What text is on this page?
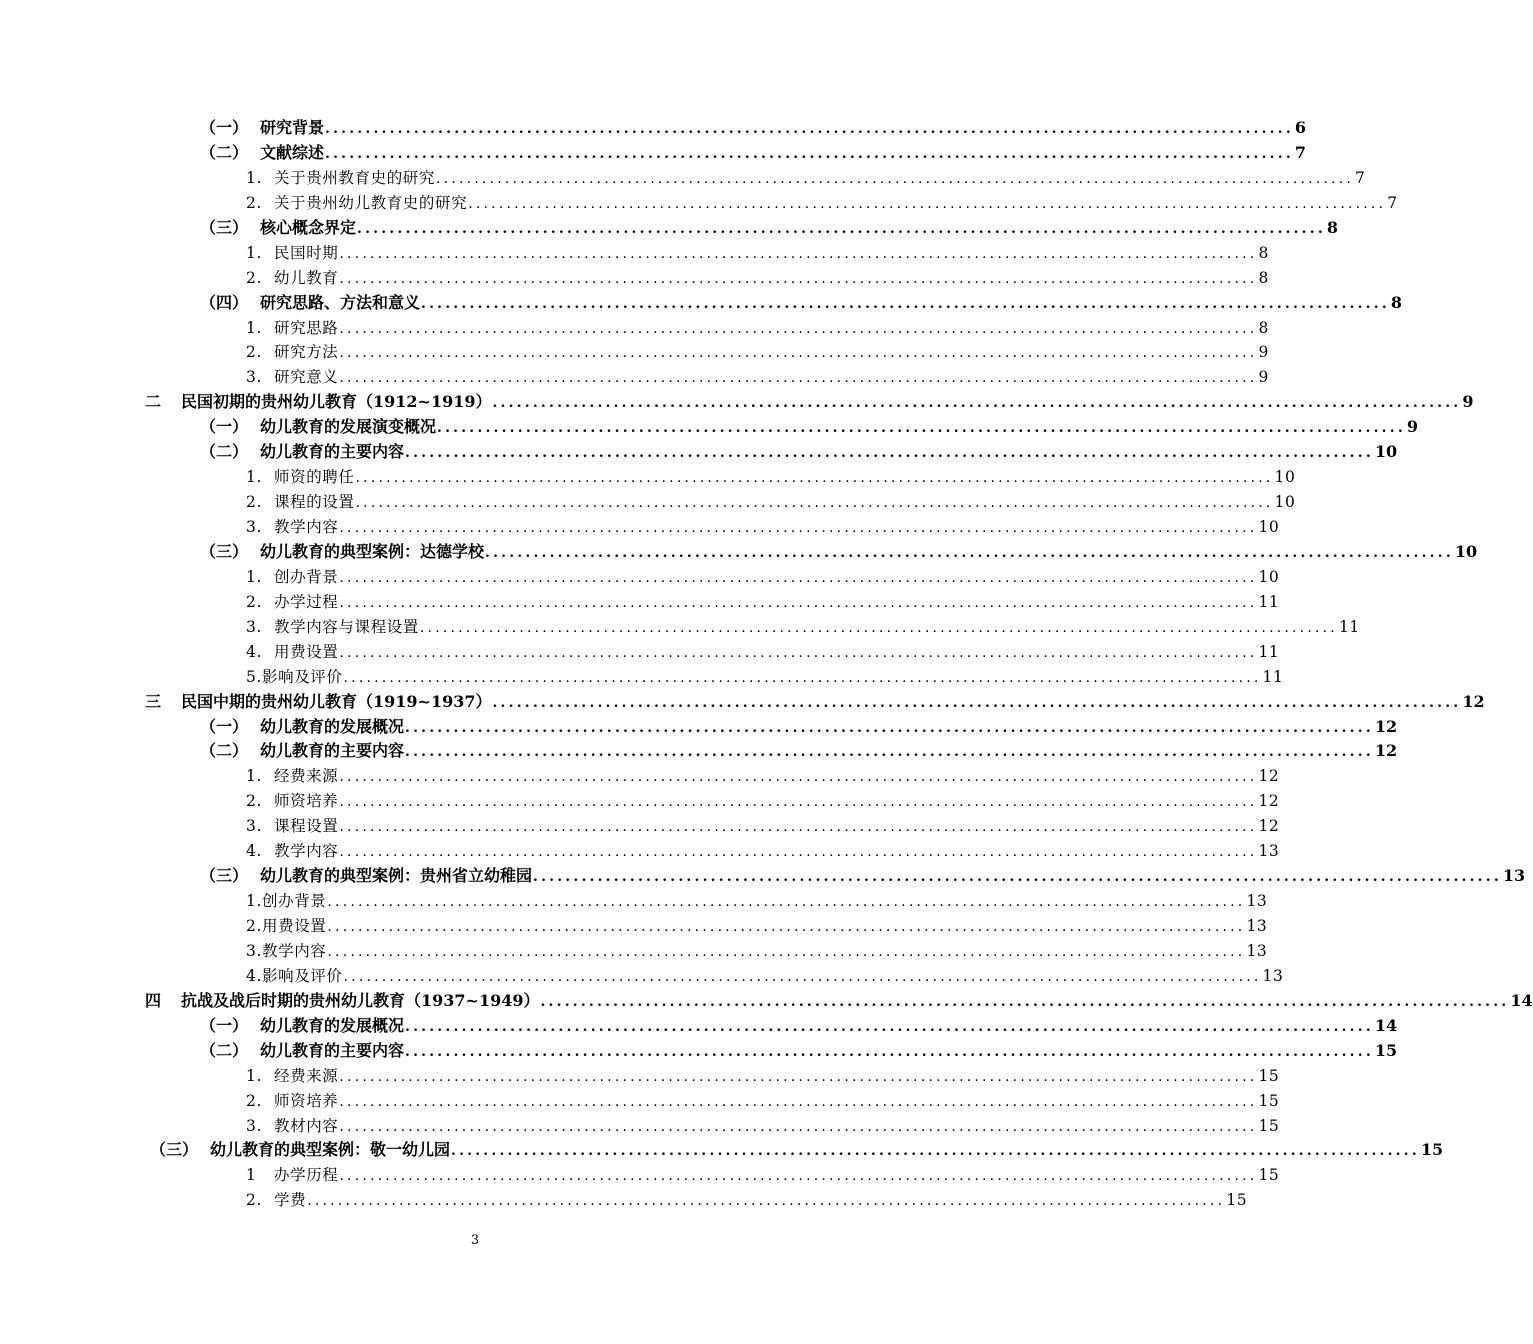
（一） 研究背景 ........................................................................................................................ 6
（二） 文献综述 ........................................................................................................................ 7
1. 关于贵州教育史的研究 ........................................................................................................................ 7
2. 关于贵州幼儿教育史的研究 ........................................................................................................................ 7
（三） 核心概念界定 ........................................................................................................................ 8
1. 民国时期 ........................................................................................................................ 8
2. 幼儿教育 ........................................................................................................................ 8
（四） 研究思路、方法和意义 ........................................................................................................................ 8
1. 研究思路 ........................................................................................................................ 8
2. 研究方法 ........................................................................................................................ 9
3. 研究意义 ........................................................................................................................ 9
二	民国初期的贵州幼儿教育（1912~1919） ........................................................................................................................ 9
（一） 幼儿教育的发展演变概况 ........................................................................................................................ 9
（二） 幼儿教育的主要内容 ........................................................................................................................ 10
1. 师资的聘任 ........................................................................................................................ 10
2. 课程的设置 ........................................................................................................................ 10
3. 教学内容 ........................................................................................................................ 10
（三） 幼儿教育的典型案例：达德学校 ........................................................................................................................ 10
1. 创办背景 ........................................................................................................................ 10
2. 办学过程 ........................................................................................................................ 11
3. 教学内容与课程设置 ........................................................................................................................ 11
4. 用费设置 ........................................................................................................................ 11
5. 影响及评价 ........................................................................................................................ 11
三	民国中期的贵州幼儿教育（1919~1937） ........................................................................................................................ 12
（一） 幼儿教育的发展概况 ........................................................................................................................ 12
（二） 幼儿教育的主要内容 ........................................................................................................................ 12
1. 经费来源 ........................................................................................................................ 12
2. 师资培养 ........................................................................................................................ 12
3. 课程设置 ........................................................................................................................ 12
4. 教学内容 ........................................................................................................................ 13
（三） 幼儿教育的典型案例：贵州省立幼稚园 ........................................................................................................................ 13
1. 创办背景 ........................................................................................................................ 13
2. 用费设置 ........................................................................................................................ 13
3. 教学内容 ........................................................................................................................ 13
4. 影响及评价 ........................................................................................................................ 13
四	抗战及战后时期的贵州幼儿教育（1937~1949） ........................................................................................................................ 14
（一） 幼儿教育的发展概况 ........................................................................................................................ 14
（二） 幼儿教育的主要内容 ........................................................................................................................ 15
1. 经费来源 ........................................................................................................................ 15
2. 师资培养 ........................................................................................................................ 15
3. 教材内容 ........................................................................................................................ 15
（三） 幼儿教育的典型案例：敬一幼儿园 ........................................................................................................................ 15
1	办学历程 ........................................................................................................................ 15
2. 学费 ........................................................................................................................ 15
3
